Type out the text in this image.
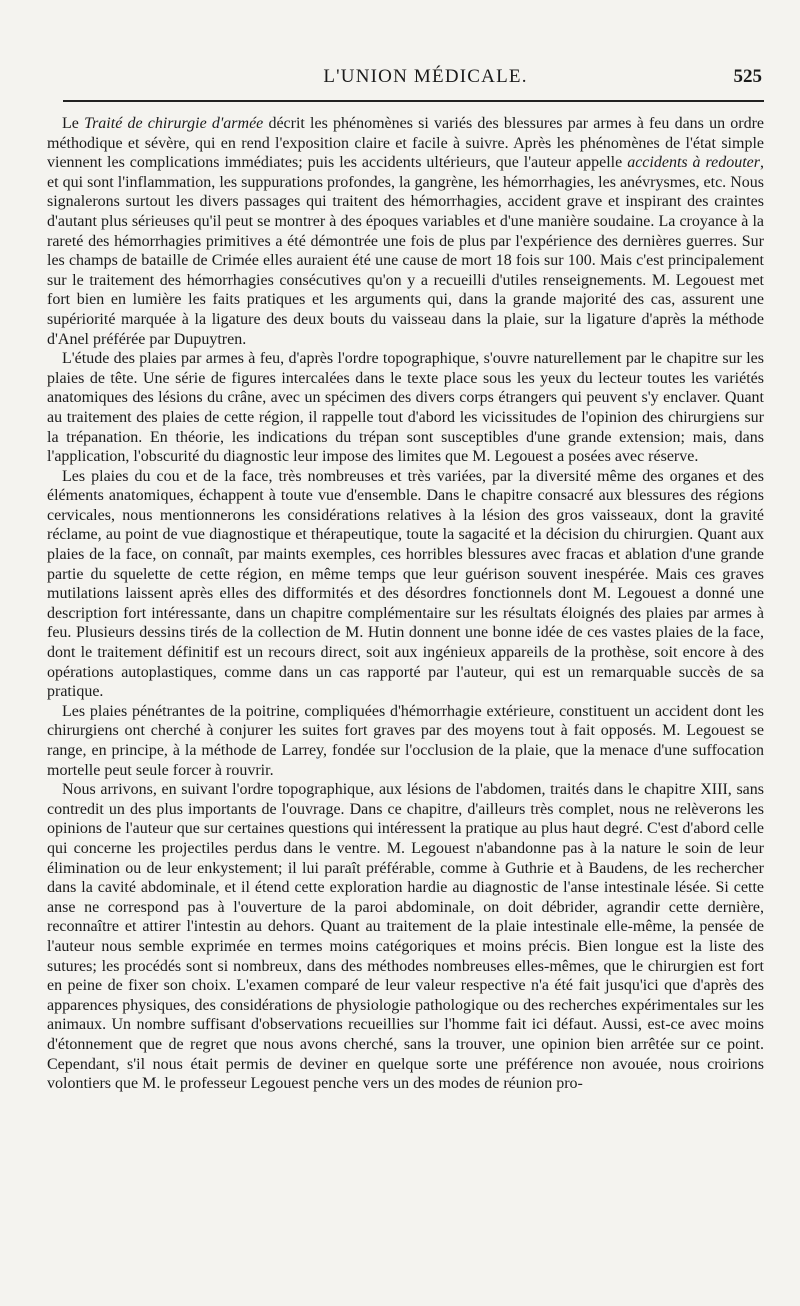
L'UNION MÉDICALE.	525

Le Traité de chirurgie d'armée décrit les phénomènes si variés des blessures par armes à feu dans un ordre méthodique et sévère, qui en rend l'exposition claire et facile à suivre. Après les phénomènes de l'état simple viennent les complications immédiates; puis les accidents ultérieurs, que l'auteur appelle accidents à redouter, et qui sont l'inflammation, les suppurations profondes, la gangrène, les hémorrhagies, les anévrysmes, etc. Nous signalerons surtout les divers passages qui traitent des hémorrhagies, accident grave et inspirant des craintes d'autant plus sérieuses qu'il peut se montrer à des époques variables et d'une manière soudaine. La croyance à la rareté des hémorrhagies primitives a été démontrée une fois de plus par l'expérience des dernières guerres. Sur les champs de bataille de Crimée elles auraient été une cause de mort 18 fois sur 100. Mais c'est principalement sur le traitement des hémorrhagies consécutives qu'on y a recueilli d'utiles renseignements. M. Legouest met fort bien en lumière les faits pratiques et les arguments qui, dans la grande majorité des cas, assurent une supériorité marquée à la ligature des deux bouts du vaisseau dans la plaie, sur la ligature d'après la méthode d'Anel préférée par Dupuytren.

L'étude des plaies par armes à feu, d'après l'ordre topographique, s'ouvre naturellement par le chapitre sur les plaies de tête. Une série de figures intercalées dans le texte place sous les yeux du lecteur toutes les variétés anatomiques des lésions du crâne, avec un spécimen des divers corps étrangers qui peuvent s'y enclaver. Quant au traitement des plaies de cette région, il rappelle tout d'abord les vicissitudes de l'opinion des chirurgiens sur la trépanation. En théorie, les indications du trépan sont susceptibles d'une grande extension; mais, dans l'application, l'obscurité du diagnostic leur impose des limites que M. Legouest a posées avec réserve.

Les plaies du cou et de la face, très nombreuses et très variées, par la diversité même des organes et des éléments anatomiques, échappent à toute vue d'ensemble. Dans le chapitre consacré aux blessures des régions cervicales, nous mentionnerons les considérations relatives à la lésion des gros vaisseaux, dont la gravité réclame, au point de vue diagnostique et thérapeutique, toute la sagacité et la décision du chirurgien. Quant aux plaies de la face, on connaît, par maints exemples, ces horribles blessures avec fracas et ablation d'une grande partie du squelette de cette région, en même temps que leur guérison souvent inespérée. Mais ces graves mutilations laissent après elles des difformités et des désordres fonctionnels dont M. Legouest a donné une description fort intéressante, dans un chapitre complémentaire sur les résultats éloignés des plaies par armes à feu. Plusieurs dessins tirés de la collection de M. Hutin donnent une bonne idée de ces vastes plaies de la face, dont le traitement définitif est un recours direct, soit aux ingénieux appareils de la prothèse, soit encore à des opérations autoplastiques, comme dans un cas rapporté par l'auteur, qui est un remarquable succès de sa pratique.

Les plaies pénétrantes de la poitrine, compliquées d'hémorrhagie extérieure, constituent un accident dont les chirurgiens ont cherché à conjurer les suites fort graves par des moyens tout à fait opposés. M. Legouest se range, en principe, à la méthode de Larrey, fondée sur l'occlusion de la plaie, que la menace d'une suffocation mortelle peut seule forcer à rouvrir.

Nous arrivons, en suivant l'ordre topographique, aux lésions de l'abdomen, traités dans le chapitre XIII, sans contredit un des plus importants de l'ouvrage. Dans ce chapitre, d'ailleurs très complet, nous ne relèverons les opinions de l'auteur que sur certaines questions qui intéressent la pratique au plus haut degré. C'est d'abord celle qui concerne les projectiles perdus dans le ventre. M. Legouest n'abandonne pas à la nature le soin de leur élimination ou de leur enkystement; il lui paraît préférable, comme à Guthrie et à Baudens, de les rechercher dans la cavité abdominale, et il étend cette exploration hardie au diagnostic de l'anse intestinale lésée. Si cette anse ne correspond pas à l'ouverture de la paroi abdominale, on doit débrider, agrandir cette dernière, reconnaître et attirer l'intestin au dehors. Quant au traitement de la plaie intestinale elle-même, la pensée de l'auteur nous semble exprimée en termes moins catégoriques et moins précis. Bien longue est la liste des sutures; les procédés sont si nombreux, dans des méthodes nombreuses elles-mêmes, que le chirurgien est fort en peine de fixer son choix. L'examen comparé de leur valeur respective n'a été fait jusqu'ici que d'après des apparences physiques, des considérations de physiologie pathologique ou des recherches expérimentales sur les animaux. Un nombre suffisant d'observations recueillies sur l'homme fait ici défaut. Aussi, est-ce avec moins d'étonnement que de regret que nous avons cherché, sans la trouver, une opinion bien arrêtée sur ce point. Cependant, s'il nous était permis de deviner en quelque sorte une préférence non avouée, nous croirions volontiers que M. le professeur Legouest penche vers un des modes de réunion pro-
